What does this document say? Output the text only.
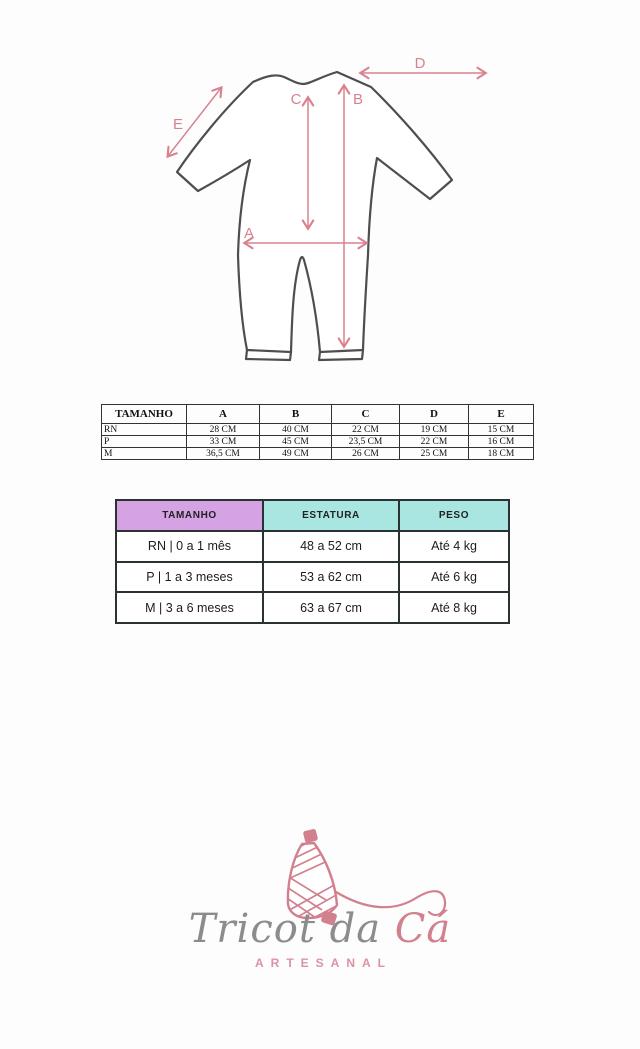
D
E
C	B
A
TAMANHO	A	B	C	D	E
RN	28 CM	40 CM	22 CM	19 CM	15 CM
P	33 CM	45 CM	23,5 CM	22 CM	16 CM
M	36,5 CM	49 CM	26 CM	25 CM	18 CM
TAMANHO	ESTATURA	PESO
RN | 0 a 1 mês	48 a 52 cm	Até 4 kg
P | 1 a 3 meses	53 a 62 cm	Até 6 kg
M | 3 a 6 meses	63 a 67 cm	Até 8 kg
Tricot da Cá
ARTESANAL
